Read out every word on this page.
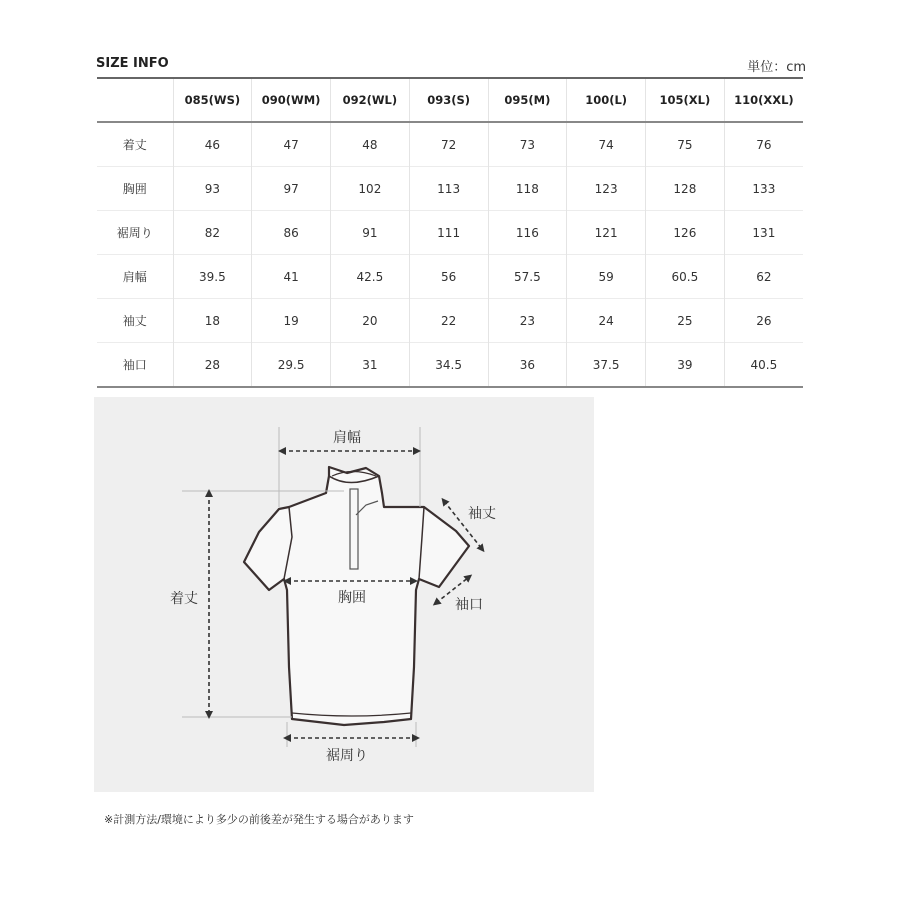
SIZE INFO	単位：cm
	085(WS)	090(WM)	092(WL)	093(S)	095(M)	100(L)	105(XL)	110(XXL)
着丈	46	47	48	72	73	74	75	76
胸囲	93	97	102	113	118	123	128	133
裾周り	82	86	91	111	116	121	126	131
肩幅	39.5	41	42.5	56	57.5	59	60.5	62
袖丈	18	19	20	22	23	24	25	26
袖口	28	29.5	31	34.5	36	37.5	39	40.5
肩幅
袖丈
着丈	胸囲	袖口
裾周り
※計測方法/環境により多少の前後差が発生する場合があります
